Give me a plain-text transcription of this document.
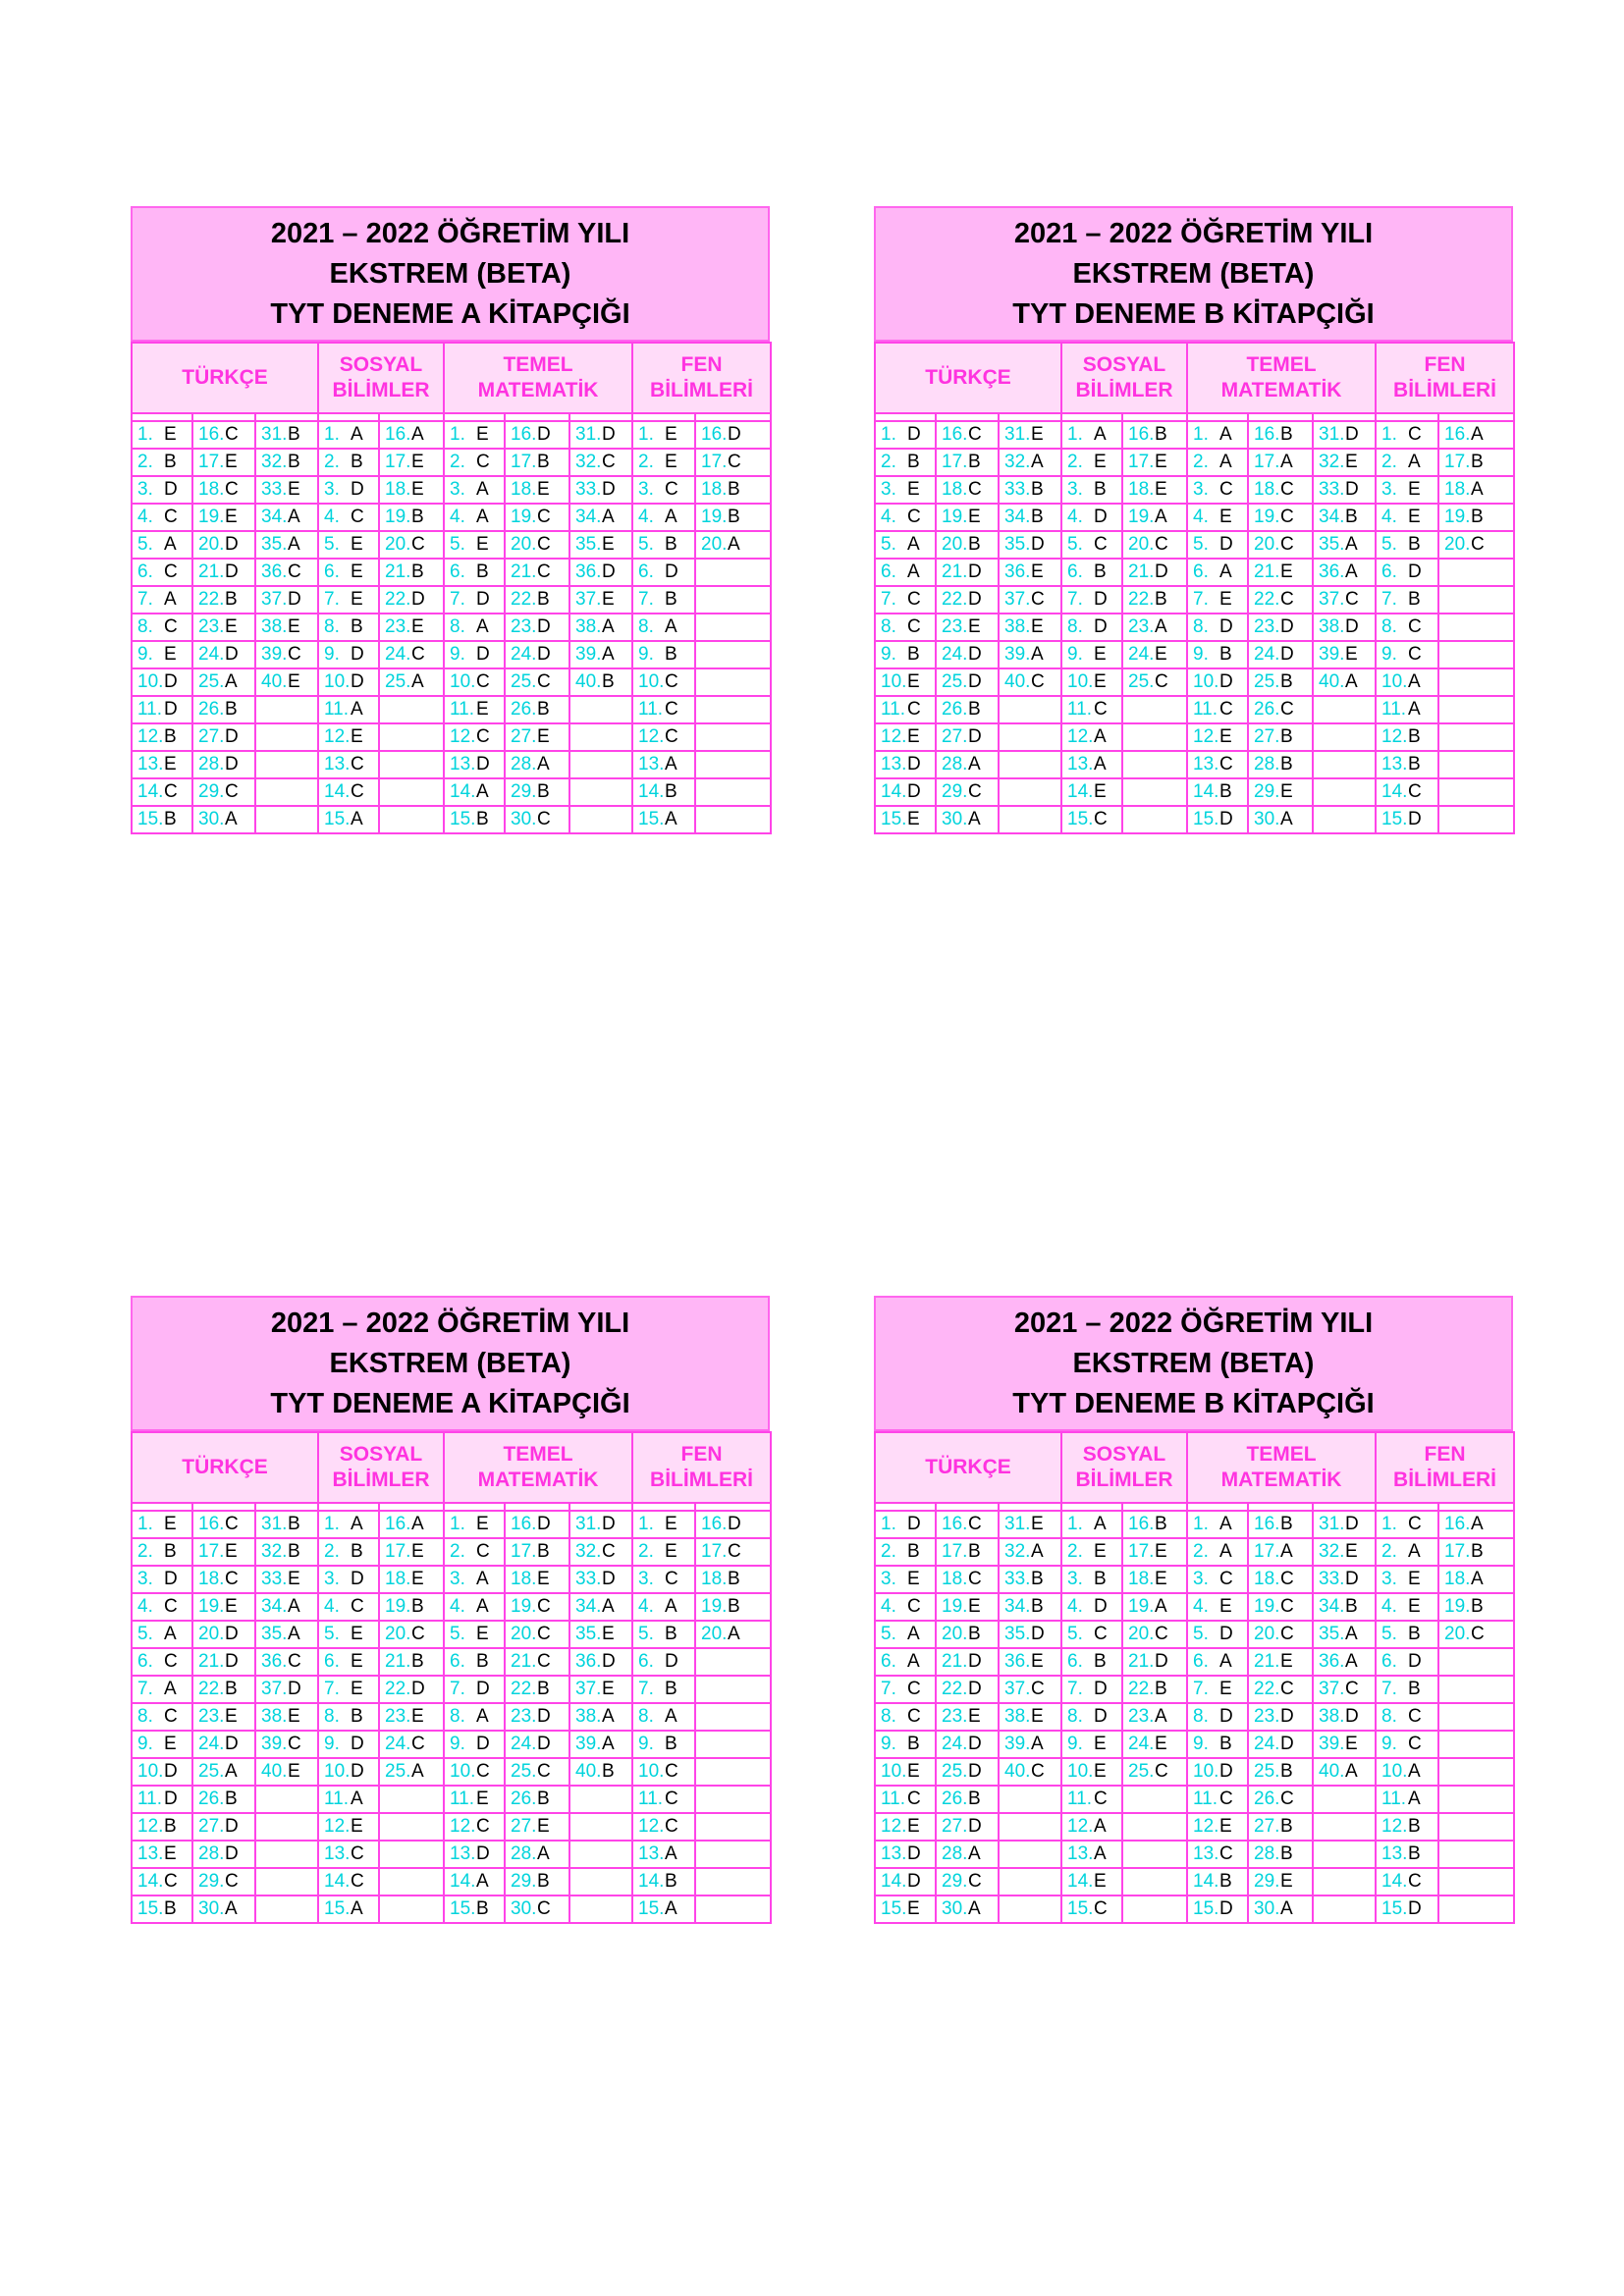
2021 – 2022 ÖĞRETİM YILI
EKSTREM (BETA)
TYT DENEME A KİTAPÇIĞI
TÜRKÇE			SOSYAL BİLİMLER		TEMEL MATEMATİK			FEN BİLİMLERİ	

1. E	16.C	31.B	1. A	16.A	1. E	16.D	31.D	1. E	16.D
2. B	17.E	32.B	2. B	17.E	2. C	17.B	32.C	2. E	17.C
3. D	18.C	33.E	3. D	18.E	3. A	18.E	33.D	3. C	18.B
4. C	19.E	34.A	4. C	19.B	4. A	19.C	34.A	4. A	19.B
5. A	20.D	35.A	5. E	20.C	5. E	20.C	35.E	5. B	20.A
6. C	21.D	36.C	6. E	21.B	6. B	21.C	36.D	6. D	
7. A	22.B	37.D	7. E	22.D	7. D	22.B	37.E	7. B	
8. C	23.E	38.E	8. B	23.E	8. A	23.D	38.A	8. A	
9. E	24.D	39.C	9. D	24.C	9. D	24.D	39.A	9. B	
10.D	25.A	40.E	10.D	25.A	10.C	25.C	40.B	10.C	
11. D	26.B		11. A		11. E	26.B		11. C	
12.B	27.D		12.E		12.C	27.E		12.C	
13.E	28.D		13.C		13.D	28.A		13.A	
14.C	29.C		14.C		14.A	29.B		14.B	
15.B	30.A		15.A		15.B	30.C		15.A	
2021 – 2022 ÖĞRETİM YILI
EKSTREM (BETA)
TYT DENEME B KİTAPÇIĞI
TÜRKÇE			SOSYAL BİLİMLER		TEMEL MATEMATİK			FEN BİLİMLERİ	

1. D	16.C	31.E	1. A	16.B	1. A	16.B	31.D	1. C	16.A
2. B	17.B	32.A	2. E	17.E	2. A	17.A	32.E	2. A	17.B
3. E	18.C	33.B	3. B	18.E	3. C	18.C	33.D	3. E	18.A
4. C	19.E	34.B	4. D	19.A	4. E	19.C	34.B	4. E	19.B
5. A	20.B	35.D	5. C	20.C	5. D	20.C	35.A	5. B	20.C
6. A	21.D	36.E	6. B	21.D	6. A	21.E	36.A	6. D	
7. C	22.D	37.C	7. D	22.B	7. E	22.C	37.C	7. B	
8. C	23.E	38.E	8. D	23.A	8. D	23.D	38.D	8. C	
9. B	24.D	39.A	9. E	24.E	9. B	24.D	39.E	9. C	
10.E	25.D	40.C	10.E	25.C	10.D	25.B	40.A	10.A	
11. C	26.B		11. C		11. C	26.C		11. A	
12.E	27.D		12.A		12.E	27.B		12.B	
13.D	28.A		13.A		13.C	28.B		13.B	
14.D	29.C		14.E		14.B	29.E		14.C	
15.E	30.A		15.C		15.D	30.A		15.D	
2021 – 2022 ÖĞRETİM YILI
EKSTREM (BETA)
TYT DENEME A KİTAPÇIĞI
TÜRKÇE			SOSYAL BİLİMLER		TEMEL MATEMATİK			FEN BİLİMLERİ	

1. E	16.C	31.B	1. A	16.A	1. E	16.D	31.D	1. E	16.D
2. B	17.E	32.B	2. B	17.E	2. C	17.B	32.C	2. E	17.C
3. D	18.C	33.E	3. D	18.E	3. A	18.E	33.D	3. C	18.B
4. C	19.E	34.A	4. C	19.B	4. A	19.C	34.A	4. A	19.B
5. A	20.D	35.A	5. E	20.C	5. E	20.C	35.E	5. B	20.A
6. C	21.D	36.C	6. E	21.B	6. B	21.C	36.D	6. D	
7. A	22.B	37.D	7. E	22.D	7. D	22.B	37.E	7. B	
8. C	23.E	38.E	8. B	23.E	8. A	23.D	38.A	8. A	
9. E	24.D	39.C	9. D	24.C	9. D	24.D	39.A	9. B	
10.D	25.A	40.E	10.D	25.A	10.C	25.C	40.B	10.C	
11. D	26.B		11. A		11. E	26.B		11. C	
12.B	27.D		12.E		12.C	27.E		12.C	
13.E	28.D		13.C		13.D	28.A		13.A	
14.C	29.C		14.C		14.A	29.B		14.B	
15.B	30.A		15.A		15.B	30.C		15.A	
2021 – 2022 ÖĞRETİM YILI
EKSTREM (BETA)
TYT DENEME B KİTAPÇIĞI
TÜRKÇE			SOSYAL BİLİMLER		TEMEL MATEMATİK			FEN BİLİMLERİ	

1. D	16.C	31.E	1. A	16.B	1. A	16.B	31.D	1. C	16.A
2. B	17.B	32.A	2. E	17.E	2. A	17.A	32.E	2. A	17.B
3. E	18.C	33.B	3. B	18.E	3. C	18.C	33.D	3. E	18.A
4. C	19.E	34.B	4. D	19.A	4. E	19.C	34.B	4. E	19.B
5. A	20.B	35.D	5. C	20.C	5. D	20.C	35.A	5. B	20.C
6. A	21.D	36.E	6. B	21.D	6. A	21.E	36.A	6. D	
7. C	22.D	37.C	7. D	22.B	7. E	22.C	37.C	7. B	
8. C	23.E	38.E	8. D	23.A	8. D	23.D	38.D	8. C	
9. B	24.D	39.A	9. E	24.E	9. B	24.D	39.E	9. C	
10.E	25.D	40.C	10.E	25.C	10.D	25.B	40.A	10.A	
11. C	26.B		11. C		11. C	26.C		11. A	
12.E	27.D		12.A		12.E	27.B		12.B	
13.D	28.A		13.A		13.C	28.B		13.B	
14.D	29.C		14.E		14.B	29.E		14.C	
15.E	30.A		15.C		15.D	30.A		15.D	
